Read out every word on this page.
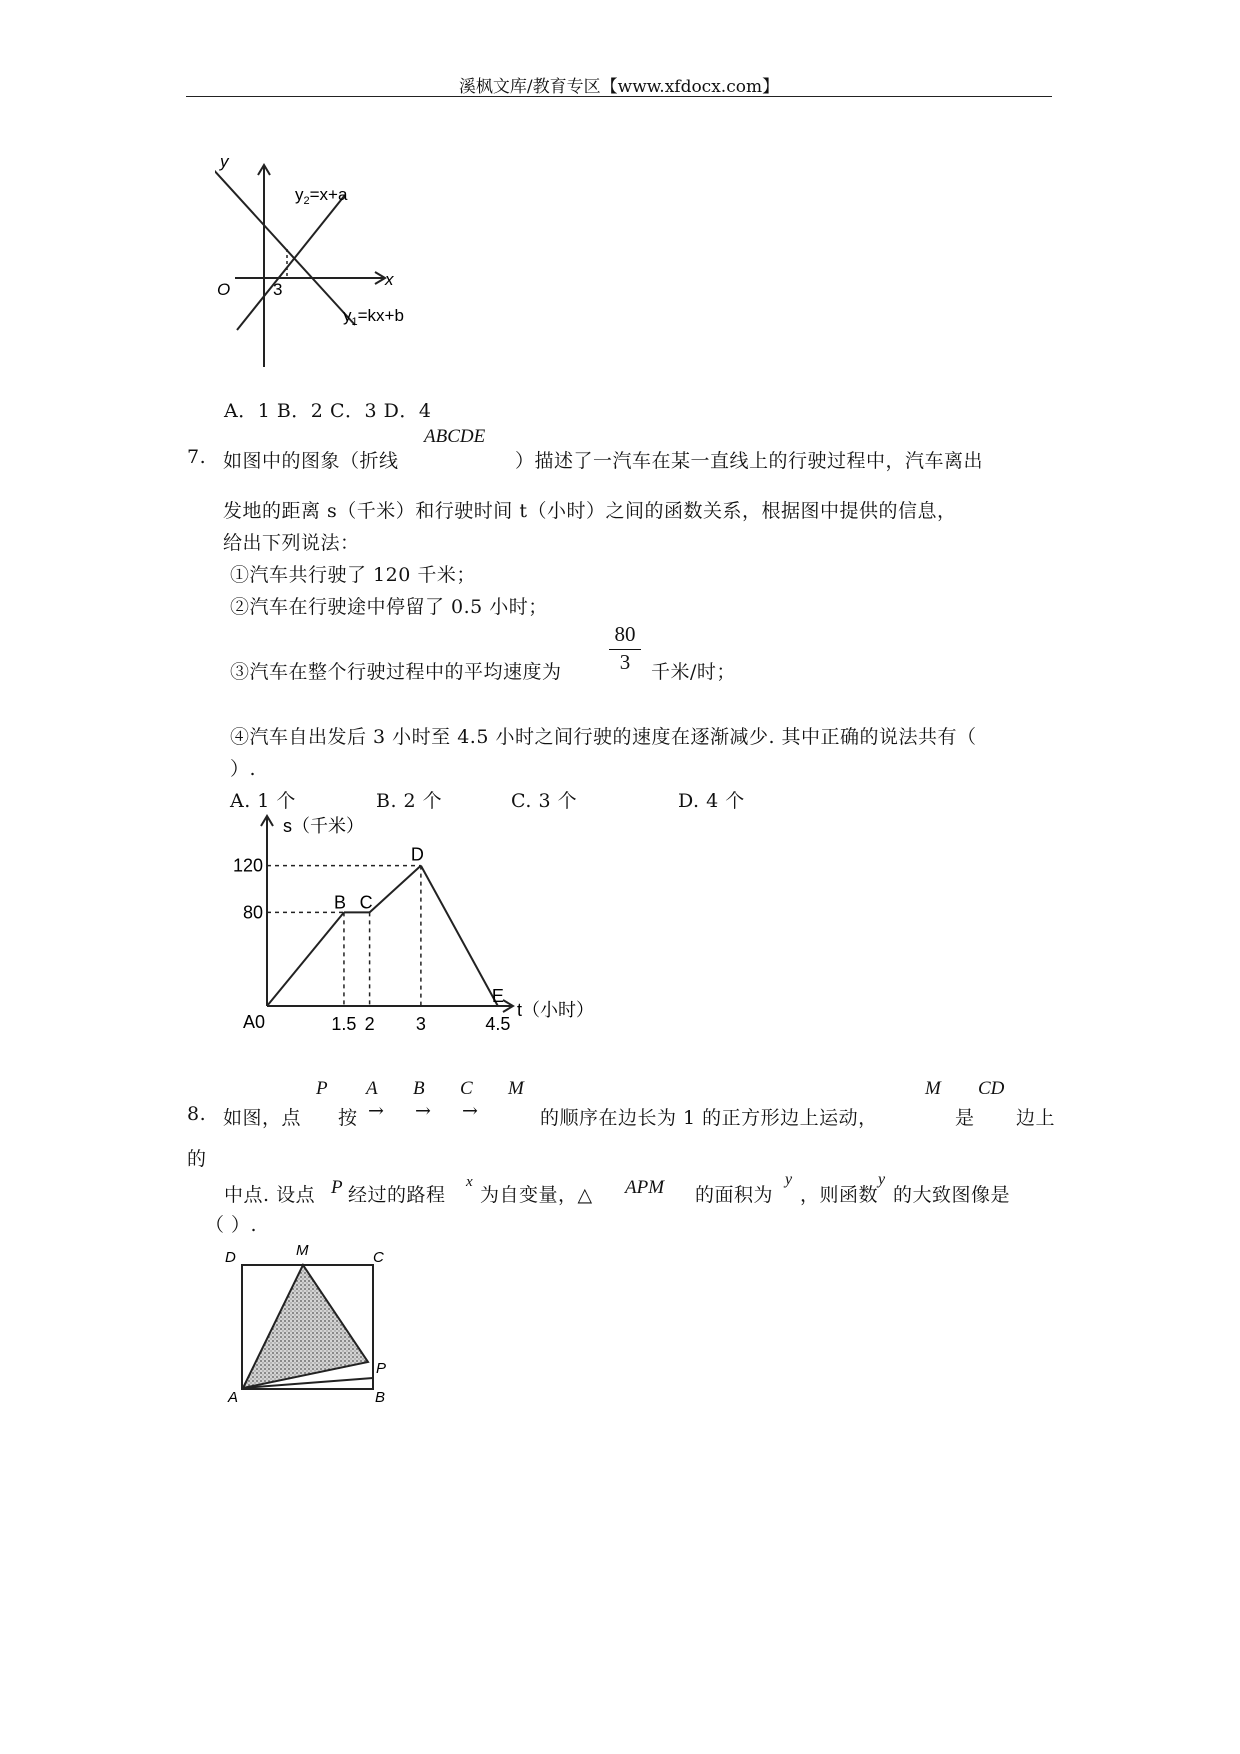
溪枫文库/教育专区【www.xfdocx.com】
y
x
O	3
$y_2=x+a$
$y_1=kx+b$
A．1 B．2 C．3 D．4
7. 如图中的图象（折线
ABCDE
）描述了一汽车在某一直线上的行驶过程中，汽车离出
发地的距离 s（千米）和行驶时间 t（小时）之间的函数关系，根据图中提供的信息，
给出下列说法：
①汽车共行驶了 120 千米；
②汽车在行驶途中停留了 0.5 小时；
③汽车在整个行驶过程中的平均速度为
80
3	千米/时；
④汽车自出发后 3 小时至 4.5 小时之间行驶的速度在逐渐减少. 其中正确的说法共有（
）.
A. 1 个	B. 2 个	C. 3 个	D. 4 个
B C
D
E
1.5 2 3	4.5
80
120
s（千米）
t（小时）
A0
8. 如图，点
P
按
A
→
B
→
C
→
M
的顺序在边长为 1 的正方形边上运动，
M
是
CD
边上
的
中点. 设点 P 经过的路程
x
为自变量，△ APM 的面积为
y
，则函数
y
的大致图像是
（ ）.
D	M	C
P
A	B
